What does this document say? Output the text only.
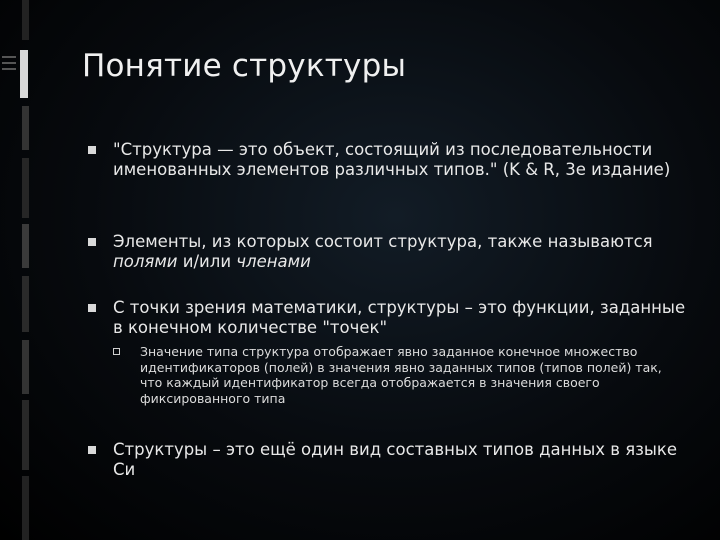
Понятие структуры
"Структура — это объект, состоящий из последовательности именованных элементов различных типов." (K & R, 3е издание)
Элементы, из которых состоит структура, также называются полями и/или членами
С точки зрения математики, структуры – это функции, заданные в конечном количестве "точек"
Значение типа структура отображает явно заданное конечное множество идентификаторов (полей) в значения явно заданных типов (типов полей) так, что каждый идентификатор всегда отображается в значения своего фиксированного типа
Структуры – это ещё один вид составных типов данных в языке Си
